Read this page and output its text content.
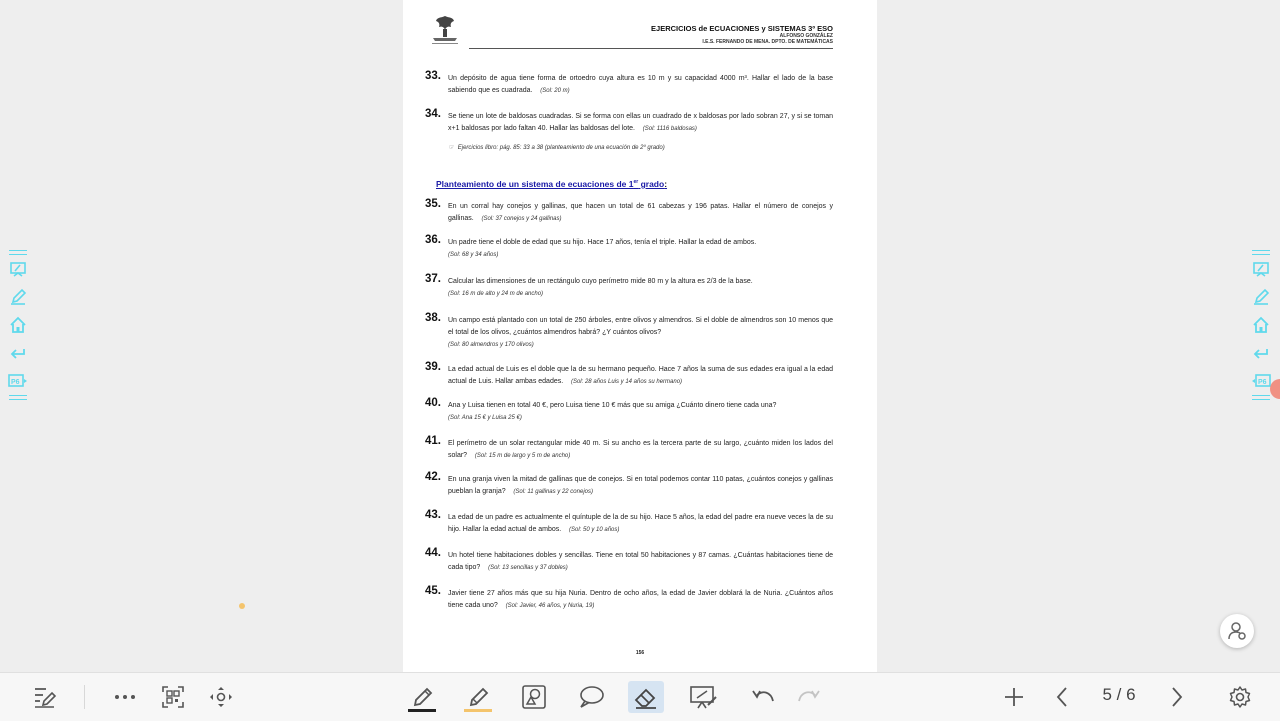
EJERCICIOS de ECUACIONES y SISTEMAS 3º ESO
ALFONSO GONZÁLEZ
I.E.S. FERNANDO DE MENA. DPTO. DE MATEMÁTICAS
33. Un depósito de agua tiene forma de ortoedro cuya altura es 10 m y su capacidad 4000 m³. Hallar el lado de la base sabiendo que es cuadrada. (Sol: 20 m)
34. Se tiene un lote de baldosas cuadradas. Si se forma con ellas un cuadrado de x baldosas por lado sobran 27, y si se toman x+1 baldosas por lado faltan 40. Hallar las baldosas del lote. (Sol: 1116 baldosas)
☞ Ejercicios libro: pág. 85: 33 a 38 (planteamiento de una ecuación de 2º grado)
Planteamiento de un sistema de ecuaciones de 1er grado:
35. En un corral hay conejos y gallinas, que hacen un total de 61 cabezas y 196 patas. Hallar el número de conejos y gallinas. (Sol: 37 conejos y 24 gallinas)
36. Un padre tiene el doble de edad que su hijo. Hace 17 años, tenía el triple. Hallar la edad de ambos.
(Sol: 68 y 34 años)
37. Calcular las dimensiones de un rectángulo cuyo perímetro mide 80 m y la altura es 2/3 de la base.
(Sol: 16 m de alto y 24 m de ancho)
38. Un campo está plantado con un total de 250 árboles, entre olivos y almendros. Si el doble de almendros son 10 menos que el total de los olivos, ¿cuántos almendros habrá? ¿Y cuántos olivos?
(Sol: 80 almendros y 170 olivos)
39. La edad actual de Luis es el doble que la de su hermano pequeño. Hace 7 años la suma de sus edades era igual a la edad actual de Luis. Hallar ambas edades. (Sol: 28 años Luis y 14 años su hermano)
40. Ana y Luisa tienen en total 40 €, pero Luisa tiene 10 € más que su amiga ¿Cuánto dinero tiene cada una?
(Sol: Ana 15 € y Luisa 25 €)
41. El perímetro de un solar rectangular mide 40 m. Si su ancho es la tercera parte de su largo, ¿cuánto miden los lados del solar? (Sol: 15 m de largo y 5 m de ancho)
42. En una granja viven la mitad de gallinas que de conejos. Si en total podemos contar 110 patas, ¿cuántos conejos y gallinas pueblan la granja? (Sol: 11 gallinas y 22 conejos)
43. La edad de un padre es actualmente el quíntuple de la de su hijo. Hace 5 años, la edad del padre era nueve veces la de su hijo. Hallar la edad actual de ambos. (Sol: 50 y 10 años)
44. Un hotel tiene habitaciones dobles y sencillas. Tiene en total 50 habitaciones y 87 camas. ¿Cuántas habitaciones tiene de cada tipo? (Sol: 13 sencillas y 37 dobles)
45. Javier tiene 27 años más que su hija Nuria. Dentro de ocho años, la edad de Javier doblará la de Nuria. ¿Cuántos años tiene cada uno? (Sol: Javier, 46 años, y Nuria, 19)
156
P6	P6
5 / 6
